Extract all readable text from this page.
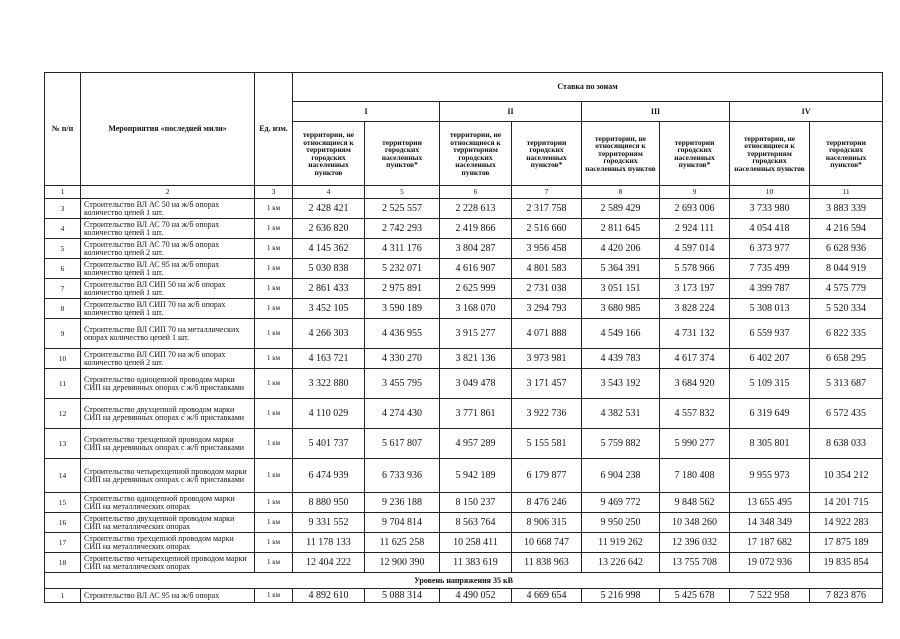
№ п/п	Мероприятия «последней мили»	Ед. изм.	Ставка по зонам							
			I		II		III		IV	
			территории, не относящиеся к территориям городских населенных пунктов	территории городских населенных пунктов*	территории, не относящиеся к территориям городских населенных пунктов	территории городских населенных пунктов*	территории, не относящиеся к территориям городских населенных пунктов	территории городских населенных пунктов*	территории, не относящиеся к территориям городских населенных пунктов	территории городских населенных пунктов*
1	2	3	4	5	6	7	8	9	10	11
3	Строительство ВЛ АС 50 на ж/б опорах количество цепей 1 шт.	1 км	2 428 421	2 525 557	2 228 613	2 317 758	2 589 429	2 693 006	3 733 980	3 883 339
4	Строительство ВЛ АС 70 на ж/б опорах количество цепей 1 шт.	1 км	2 636 820	2 742 293	2 419 866	2 516 660	2 811 645	2 924 111	4 054 418	4 216 594
5	Строительство ВЛ АС 70 на ж/б опорах количество цепей 2 шт.	1 км	4 145 362	4 311 176	3 804 287	3 956 458	4 420 206	4 597 014	6 373 977	6 628 936
6	Строительство ВЛ АС 95 на ж/б опорах количество цепей 1 шт.	1 км	5 030 838	5 232 071	4 616 907	4 801 583	5 364 391	5 578 966	7 735 499	8 044 919
7	Строительство ВЛ СИП 50 на ж/б опорах количество цепей 1 шт.	1 км	2 861 433	2 975 891	2 625 999	2 731 038	3 051 151	3 173 197	4 399 787	4 575 779
8	Строительство ВЛ СИП 70 на ж/б опорах количество цепей 1 шт.	1 км	3 452 105	3 590 189	3 168 070	3 294 793	3 680 985	3 828 224	5 308 013	5 520 334
9	Строительство ВЛ СИП 70 на металлических опорах количество цепей 1 шт.	1 км	4 266 303	4 436 955	3 915 277	4 071 888	4 549 166	4 731 132	6 559 937	6 822 335
10	Строительство ВЛ СИП 70 на ж/б опорах количество цепей 2 шт.	1 км	4 163 721	4 330 270	3 821 136	3 973 981	4 439 783	4 617 374	6 402 207	6 658 295
11	Строительство одноцепной проводом марки СИП на деревянных опорах с ж/б приставками	1 км	3 322 880	3 455 795	3 049 478	3 171 457	3 543 192	3 684 920	5 109 315	5 313 687
12	Строительство двухцепной проводом марки СИП на деревянных опорах с ж/б приставками	1 км	4 110 029	4 274 430	3 771 861	3 922 736	4 382 531	4 557 832	6 319 649	6 572 435
13	Строительство трехцепной проводом марки СИП на деревянных опорах с ж/б приставками	1 км	5 401 737	5 617 807	4 957 289	5 155 581	5 759 882	5 990 277	8 305 801	8 638 033
14	Строительство четырехцепной проводом марки СИП на деревянных опорах с ж/б приставками	1 км	6 474 939	6 733 936	5 942 189	6 179 877	6 904 238	7 180 408	9 955 973	10 354 212
15	Строительство одноцепной проводом марки СИП на металлических опорах	1 км	8 880 950	9 236 188	8 150 237	8 476 246	9 469 772	9 848 562	13 655 495	14 201 715
16	Строительство двухцепной проводом марки СИП на металлических опорах	1 км	9 331 552	9 704 814	8 563 764	8 906 315	9 950 250	10 348 260	14 348 349	14 922 283
17	Строительство трехцепной проводом марки СИП на металлических опорах	1 км	11 178 133	11 625 258	10 258 411	10 668 747	11 919 262	12 396 032	17 187 682	17 875 189
18	Строительство четырехцепной проводом марки СИП на металлических опорах	1 км	12 404 222	12 900 390	11 383 619	11 838 963	13 226 642	13 755 708	19 072 936	19 835 854
Уровень напряжения 35 кВ										
1	Строительство ВЛ АС 95 на ж/б опорах	1 км	4 892 610	5 088 314	4 490 052	4 669 654	5 216 998	5 425 678	7 522 958	7 823 876
